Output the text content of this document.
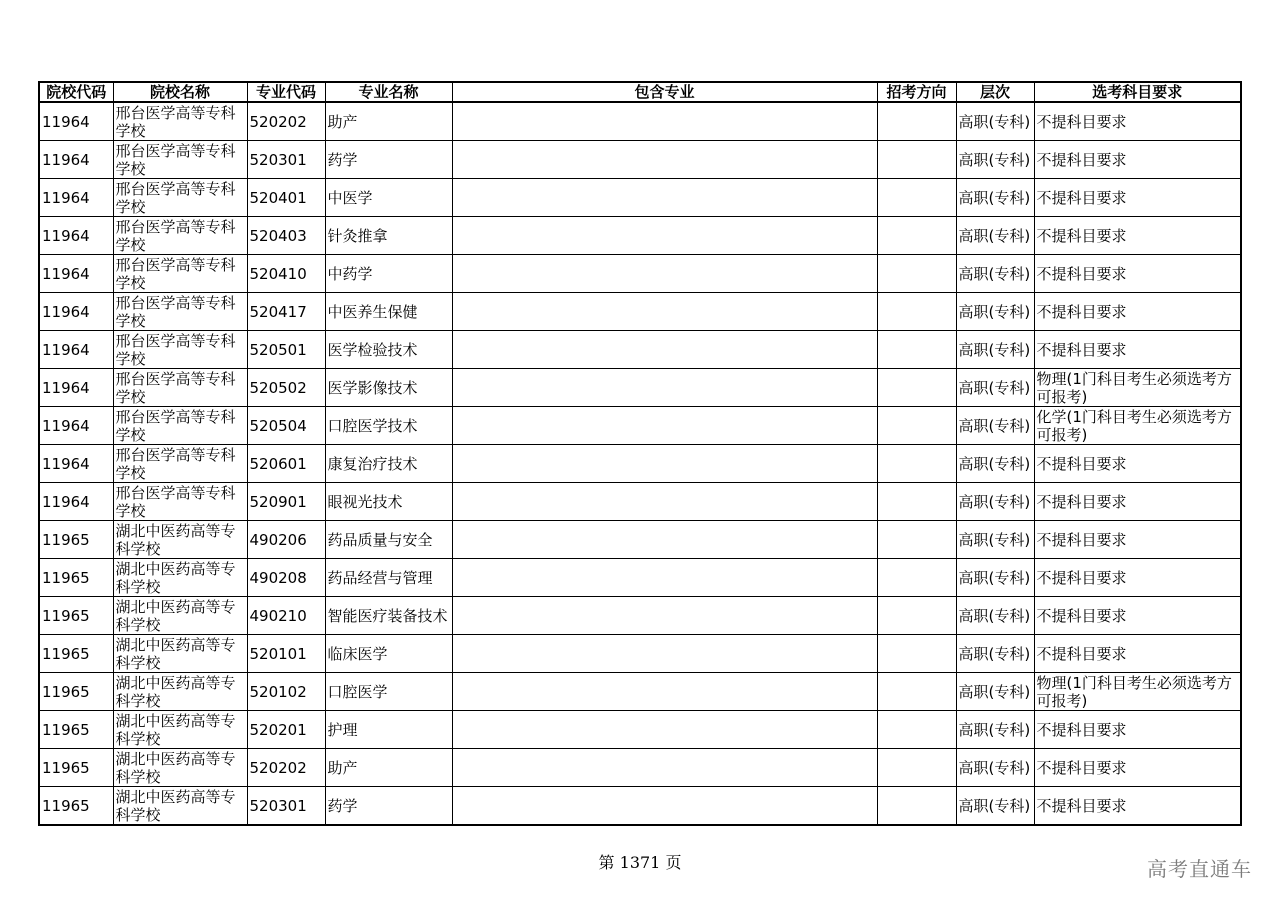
院校代码	院校名称	专业代码	专业名称	包含专业	招考方向	层次	选考科目要求
11964	邢台医学高等专科学校	520202	助产			高职(专科)	不提科目要求
11964	邢台医学高等专科学校	520301	药学			高职(专科)	不提科目要求
11964	邢台医学高等专科学校	520401	中医学			高职(专科)	不提科目要求
11964	邢台医学高等专科学校	520403	针灸推拿			高职(专科)	不提科目要求
11964	邢台医学高等专科学校	520410	中药学			高职(专科)	不提科目要求
11964	邢台医学高等专科学校	520417	中医养生保健			高职(专科)	不提科目要求
11964	邢台医学高等专科学校	520501	医学检验技术			高职(专科)	不提科目要求
11964	邢台医学高等专科学校	520502	医学影像技术			高职(专科)	物理(1门科目考生必须选考方可报考)
11964	邢台医学高等专科学校	520504	口腔医学技术			高职(专科)	化学(1门科目考生必须选考方可报考)
11964	邢台医学高等专科学校	520601	康复治疗技术			高职(专科)	不提科目要求
11964	邢台医学高等专科学校	520901	眼视光技术			高职(专科)	不提科目要求
11965	湖北中医药高等专科学校	490206	药品质量与安全			高职(专科)	不提科目要求
11965	湖北中医药高等专科学校	490208	药品经营与管理			高职(专科)	不提科目要求
11965	湖北中医药高等专科学校	490210	智能医疗装备技术			高职(专科)	不提科目要求
11965	湖北中医药高等专科学校	520101	临床医学			高职(专科)	不提科目要求
11965	湖北中医药高等专科学校	520102	口腔医学			高职(专科)	物理(1门科目考生必须选考方可报考)
11965	湖北中医药高等专科学校	520201	护理			高职(专科)	不提科目要求
11965	湖北中医药高等专科学校	520202	助产			高职(专科)	不提科目要求
11965	湖北中医药高等专科学校	520301	药学			高职(专科)	不提科目要求
第 1371 页	高考直通车
